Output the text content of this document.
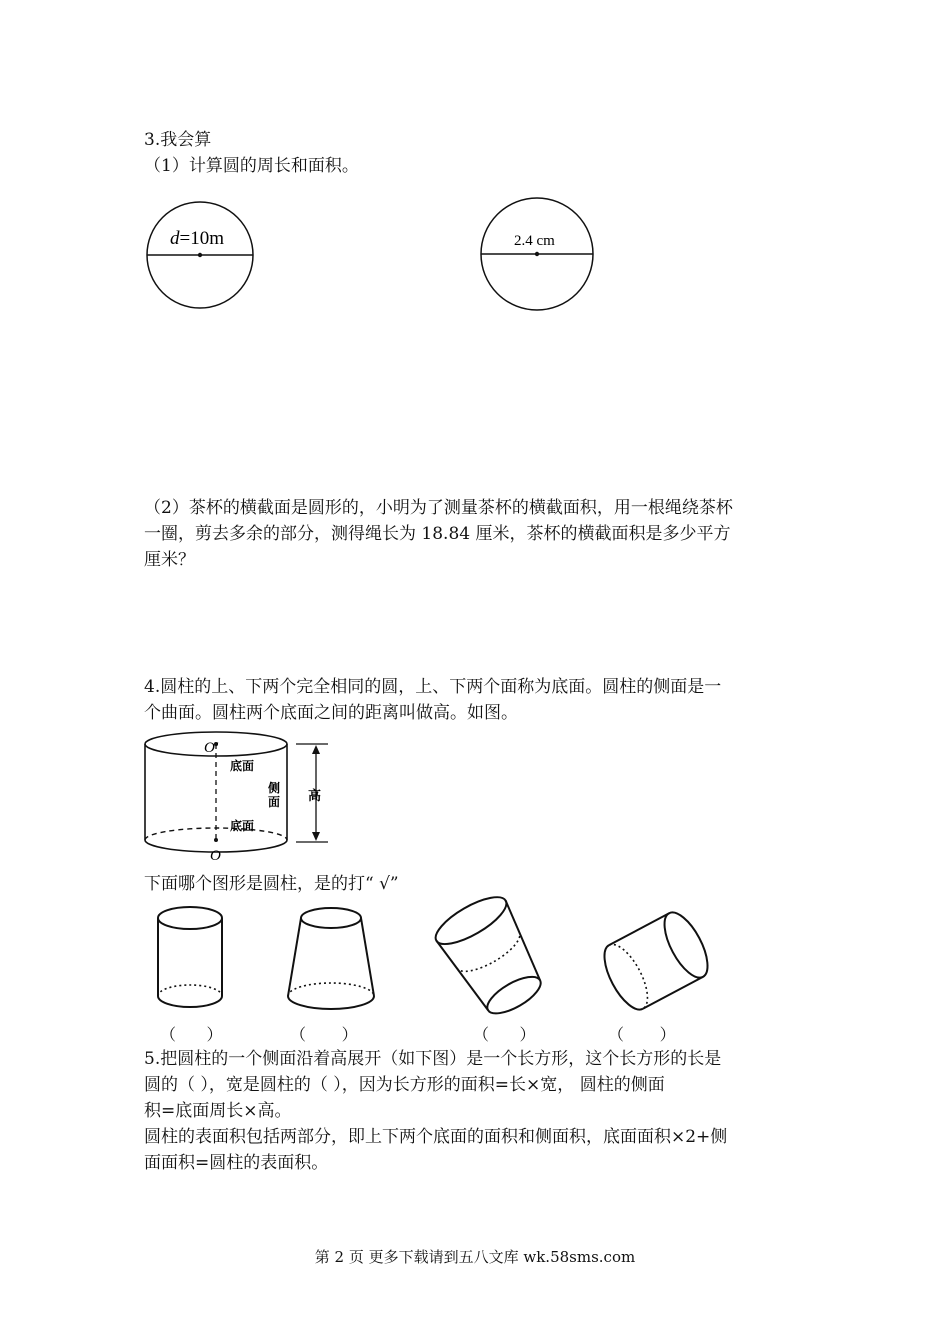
3.我会算
（1）计算圆的周长和面积。
d=10m	2.4 cm
（2）茶杯的横截面是圆形的，小明为了测量茶杯的横截面积，用一根绳绕茶杯
一圈，剪去多余的部分，测得绳长为 18.84 厘米，茶杯的横截面积是多少平方
厘米？
4.圆柱的上、下两个完全相同的圆，上、下两个面称为底面。圆柱的侧面是一
个曲面。圆柱两个底面之间的距离叫做高。如图。
O'
O
底面
底面
侧
面 高
下面哪个图形是圆柱，是的打“ √”
（      ）	（       ）	（      ）	（       ）
5.把圆柱的一个侧面沿着高展开（如下图）是一个长方形，这个长方形的长是
圆的（ ），宽是圆柱的（ ），因为长方形的面积=长×宽， 圆柱的侧面
积=底面周长×高。
圆柱的表面积包括两部分，即上下两个底面的面积和侧面积，底面面积×2+侧
面面积=圆柱的表面积。
第 2 页 更多下载请到五八文库 wk.58sms.com
